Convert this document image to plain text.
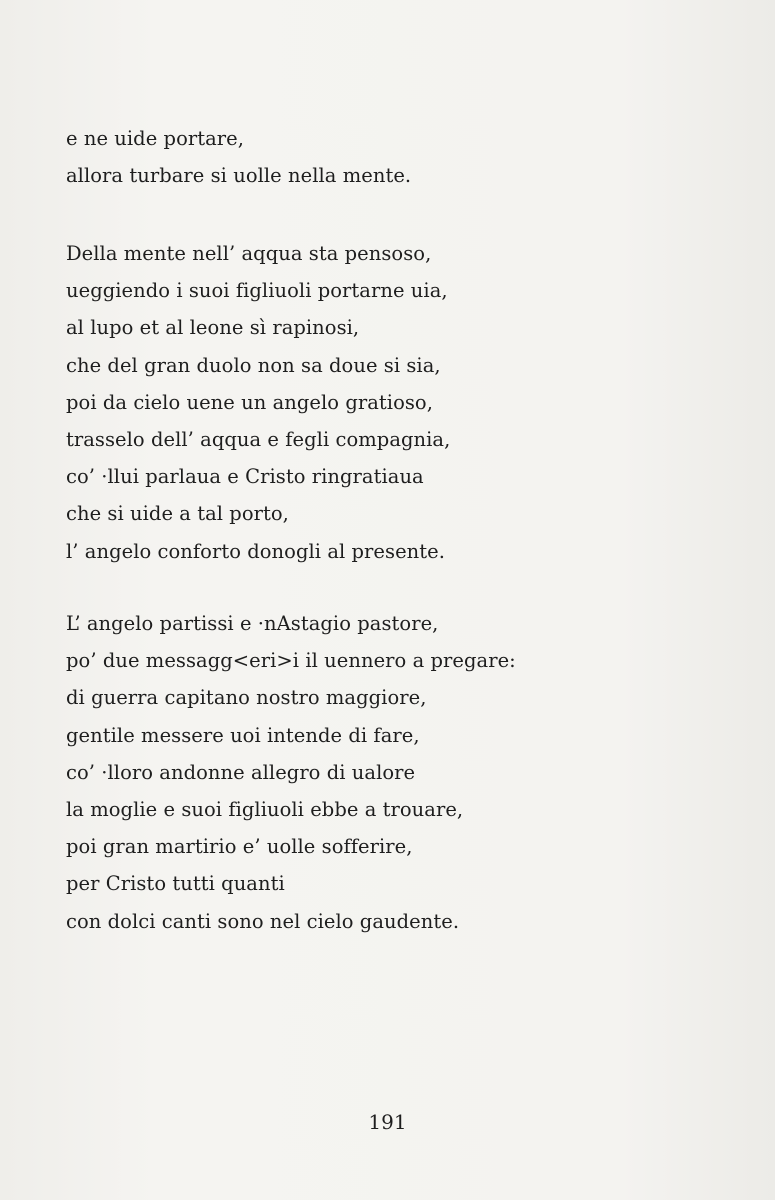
e ne uide portare,
allora turbare si uolle nella mente.
Della mente nell’ aqqua sta pensoso,
ueggiendo i suoi figliuoli portarne uia,
al lupo et al leone sì rapinosi,
che del gran duolo non sa doue si sia,
poi da cielo uene un angelo gratioso,
trasselo dell’ aqqua e fegli compagnia,
co’ ·llui parlaua e Cristo ringratiaua
che si uide a tal porto,
l’ angelo conforto donogli al presente.
L’ angelo partissi e ·nAstagio pastore,
po’ due messagg<eri>i il uennero a pregare:
di guerra capitano nostro maggiore,
gentile messere uoi intende di fare,
co’ ·lloro andonne allegro di ualore
la moglie e suoi figliuoli ebbe a trouare,
poi gran martirio e’ uolle sofferire,
per Cristo tutti quanti
con dolci canti sono nel cielo gaudente.
191
